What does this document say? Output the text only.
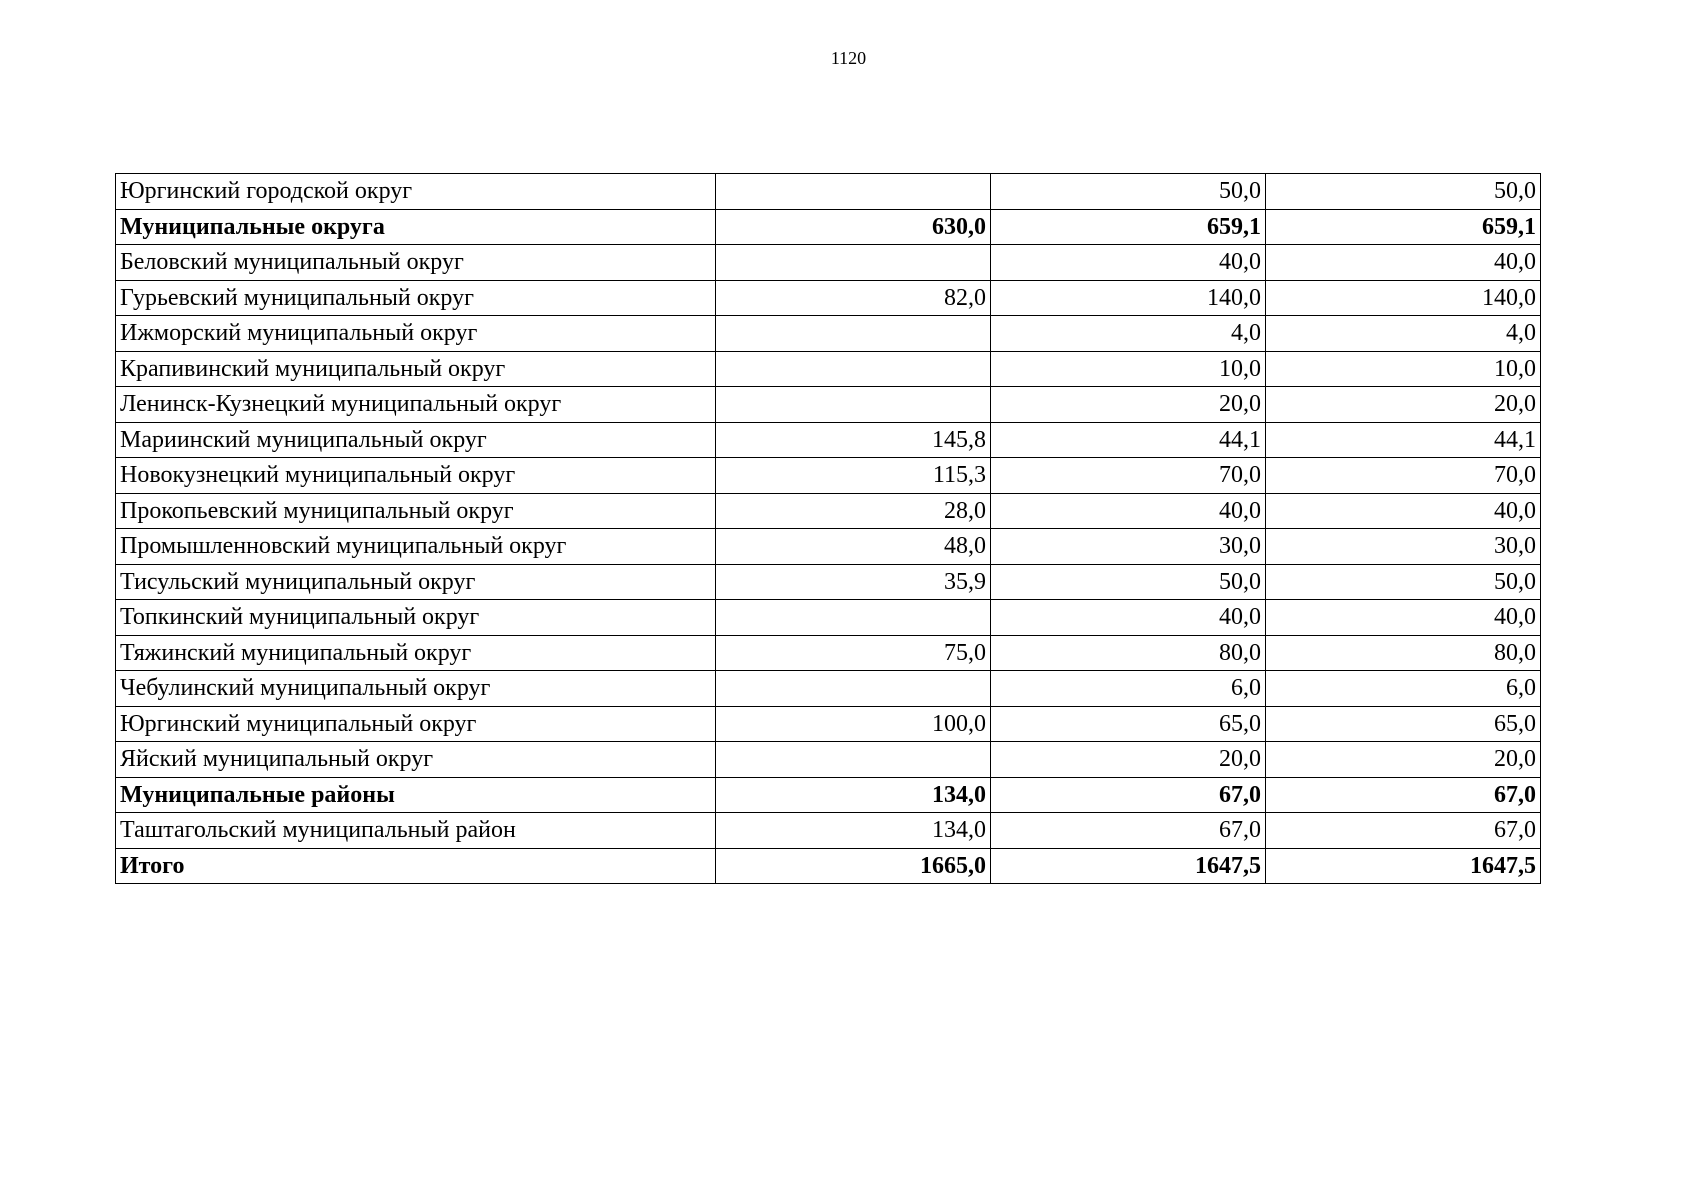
1120
Юргинский городской округ		50,0	50,0
Муниципальные округа	630,0	659,1	659,1
Беловский муниципальный округ		40,0	40,0
Гурьевский муниципальный округ	82,0	140,0	140,0
Ижморский муниципальный округ		4,0	4,0
Крапивинский муниципальный округ		10,0	10,0
Ленинск-Кузнецкий муниципальный округ		20,0	20,0
Мариинский муниципальный округ	145,8	44,1	44,1
Новокузнецкий муниципальный округ	115,3	70,0	70,0
Прокопьевский муниципальный округ	28,0	40,0	40,0
Промышленновский муниципальный округ	48,0	30,0	30,0
Тисульский муниципальный округ	35,9	50,0	50,0
Топкинский муниципальный округ		40,0	40,0
Тяжинский муниципальный округ	75,0	80,0	80,0
Чебулинский муниципальный округ		6,0	6,0
Юргинский муниципальный округ	100,0	65,0	65,0
Яйский муниципальный округ		20,0	20,0
Муниципальные районы	134,0	67,0	67,0
Таштагольский муниципальный район	134,0	67,0	67,0
Итого	1665,0	1647,5	1647,5
